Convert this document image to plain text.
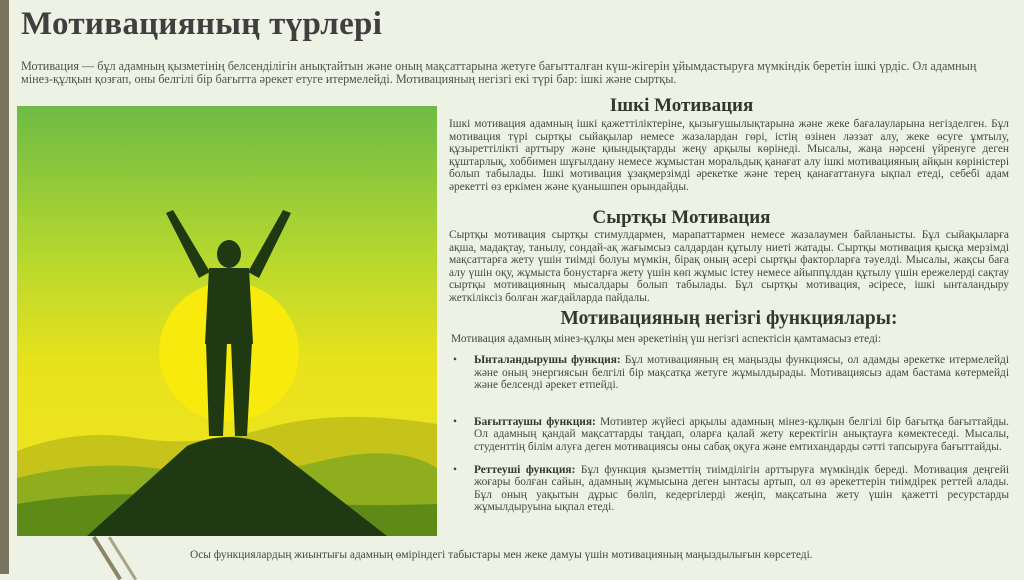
Мотивацияның түрлері

Мотивация — бұл адамның қызметінің белсенділігін анықтайтын және оның мақсаттарына жетуге бағытталған күш-жігерін ұйымдастыруға мүмкіндік беретін ішкі үрдіс. Ол адамның мінез-құлқын қозғап, оны белгілі бір бағытта әрекет етуге итермелейді. Мотивацияның негізгі екі түрі бар: ішкі және сыртқы.

Ішкі Мотивация

Ішкі мотивация адамның ішкі қажеттіліктеріне, қызығушылықтарына және жеке бағалауларына негізделген. Бұл мотивация түрі сыртқы сыйақылар немесе жазалардан гөрі, істің өзінен ләззат алу, жеке өсуге ұмтылу, құзыреттілікті арттыру және қиындықтарды жеңу арқылы көрінеді. Мысалы, жаңа нәрсені үйренуге деген құштарлық, хоббимен шұғылдану немесе жұмыстан моральдық қанағат алу ішкі мотивацияның айқын көріністері болып табылады. Ішкі мотивация ұзақмерзімді әрекетке және терең қанағаттануға ықпал етеді, себебі адам әрекетті өз еркімен және қуанышпен орындайды.

Сыртқы Мотивация

Сыртқы мотивация сыртқы стимулдармен, марапаттармен немесе жазалаумен байланысты. Бұл сыйақыларға ақша, мадақтау, танылу, сондай-ақ жағымсыз салдардан құтылу ниеті жатады. Сыртқы мотивация қысқа мерзімді мақсаттарға жету үшін тиімді болуы мүмкін, бірақ оның әсері сыртқы факторларға тәуелді. Мысалы, жақсы баға алу үшін оқу, жұмыста бонустарға жету үшін көп жұмыс істеу немесе айыппұлдан құтылу үшін ережелерді сақтау сыртқы мотивацияның мысалдары болып табылады. Бұл сыртқы мотивация, әсіресе, ішкі ынталандыру жеткіліксіз болған жағдайларда пайдалы.

Мотивацияның негізгі функциялары:

Мотивация адамның мінез-құлқы мен әрекетінің үш негізгі аспектісін қамтамасыз етеді:

• Ынталандырушы функция: Бұл мотивацияның ең маңызды функциясы, ол адамды әрекетке итермелейді және оның энергиясын белгілі бір мақсатқа жетуге жұмылдырады. Мотивациясыз адам бастама көтермейді және белсенді әрекет етпейді.
• Бағыттаушы функция: Мотивтер жүйесі арқылы адамның мінез-құлқын белгілі бір бағытқа бағыттайды. Ол адамның қандай мақсаттарды таңдап, оларға қалай жету керектігін анықтауға көмектеседі. Мысалы, студенттің білім алуға деген мотивациясы оны сабақ оқуға және емтихандарды сәтті тапсыруға бағыттайды.
• Реттеуші функция: Бұл функция қызметтің тиімділігін арттыруға мүмкіндік береді. Мотивация деңгейі жоғары болған сайын, адамның жұмысына деген ынтасы артып, ол өз әрекеттерін тиімдірек реттей алады. Бұл оның уақытын дұрыс бөліп, кедергілерді жеңіп, мақсатына жету үшін қажетті ресурстарды жұмылдыруына ықпал етеді.

Осы функциялардың жиынтығы адамның өміріндегі табыстары мен жеке дамуы үшін мотивацияның маңыздылығын көрсетеді.
